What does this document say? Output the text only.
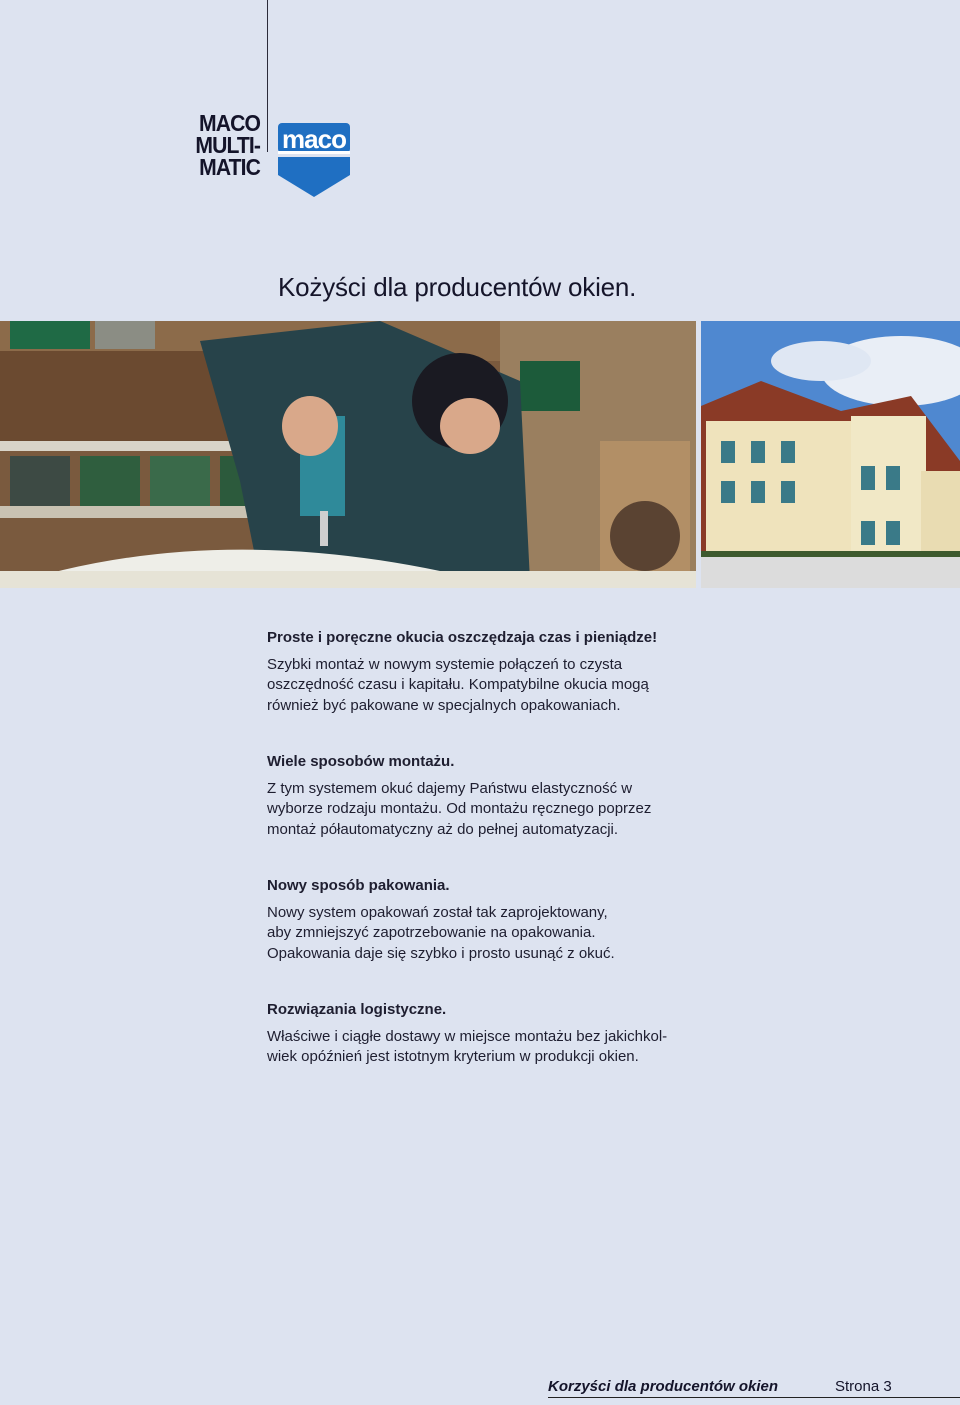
MACO
MULTI-MATIC
maco
Kożyści dla producentów okien.
Proste i poręczne okucia oszczędzaja czas i pieniądze!

Szybki montaż w nowym systemie połączeń to czysta
oszczędność czasu i kapitału. Kompatybilne okucia mogą
również być pakowane w specjalnych opakowaniach.

Wiele sposobów montażu.

Z tym systemem okuć dajemy Państwu elastyczność w
wyborze rodzaju montażu. Od montażu ręcznego poprzez
montaż półautomatyczny aż do pełnej automatyzacji.

Nowy sposób pakowania.

Nowy system opakowań został tak zaprojektowany,
aby zmniejszyć zapotrzebowanie na opakowania.
Opakowania daje się szybko i prosto usunąć z okuć.

Rozwiązania logistyczne.

Właściwe i ciągłe dostawy w miejsce montażu bez jakichkol-
wiek opóźnień jest istotnym kryterium w produkcji okien.

Korzyści dla producentów okien	Strona 3
